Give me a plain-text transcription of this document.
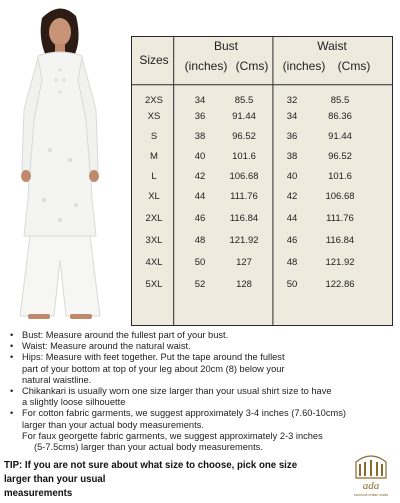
Sizes
Bust
(inches) (Cms)
Waist
(inches)	(Cms)
2XS	34	85.5	32	85.5
XS	36	91.44	34	86.36
S	38	96.52	36	91.44
M	40	101.6	38	96.52
L	42	106.68	40	101.6
XL	44	111.76	42	106.68
2XL	46	116.84	44	111.76
3XL	48	121.92	46	116.84
4XL	50	127	48	121.92
5XL	52	128	50	122.86
• Bust: Measure around the fullest part of your bust.
• Waist: Measure around the natural waist.
• Hips: Measure with feet together. Put the tape around the fullest
part of your bottom at top of your leg about 20cm (8) below your
natural waistline.
• Chikankari is usually worn one size larger than your usual shirt size to have
a slightly loose silhouette
• For cotton fabric garments, we suggest approximately 3-4 inches (7.60-10cms)
larger than your actual body measurements.
For faux georgette fabric garments, we suggest approximately 2-3 inches
(5-7.5cms) larger than your actual body measurements.
TIP: If you are not sure about what size to choose, pick one size larger than your usual
measurements
ada
luxurious chikan studio
